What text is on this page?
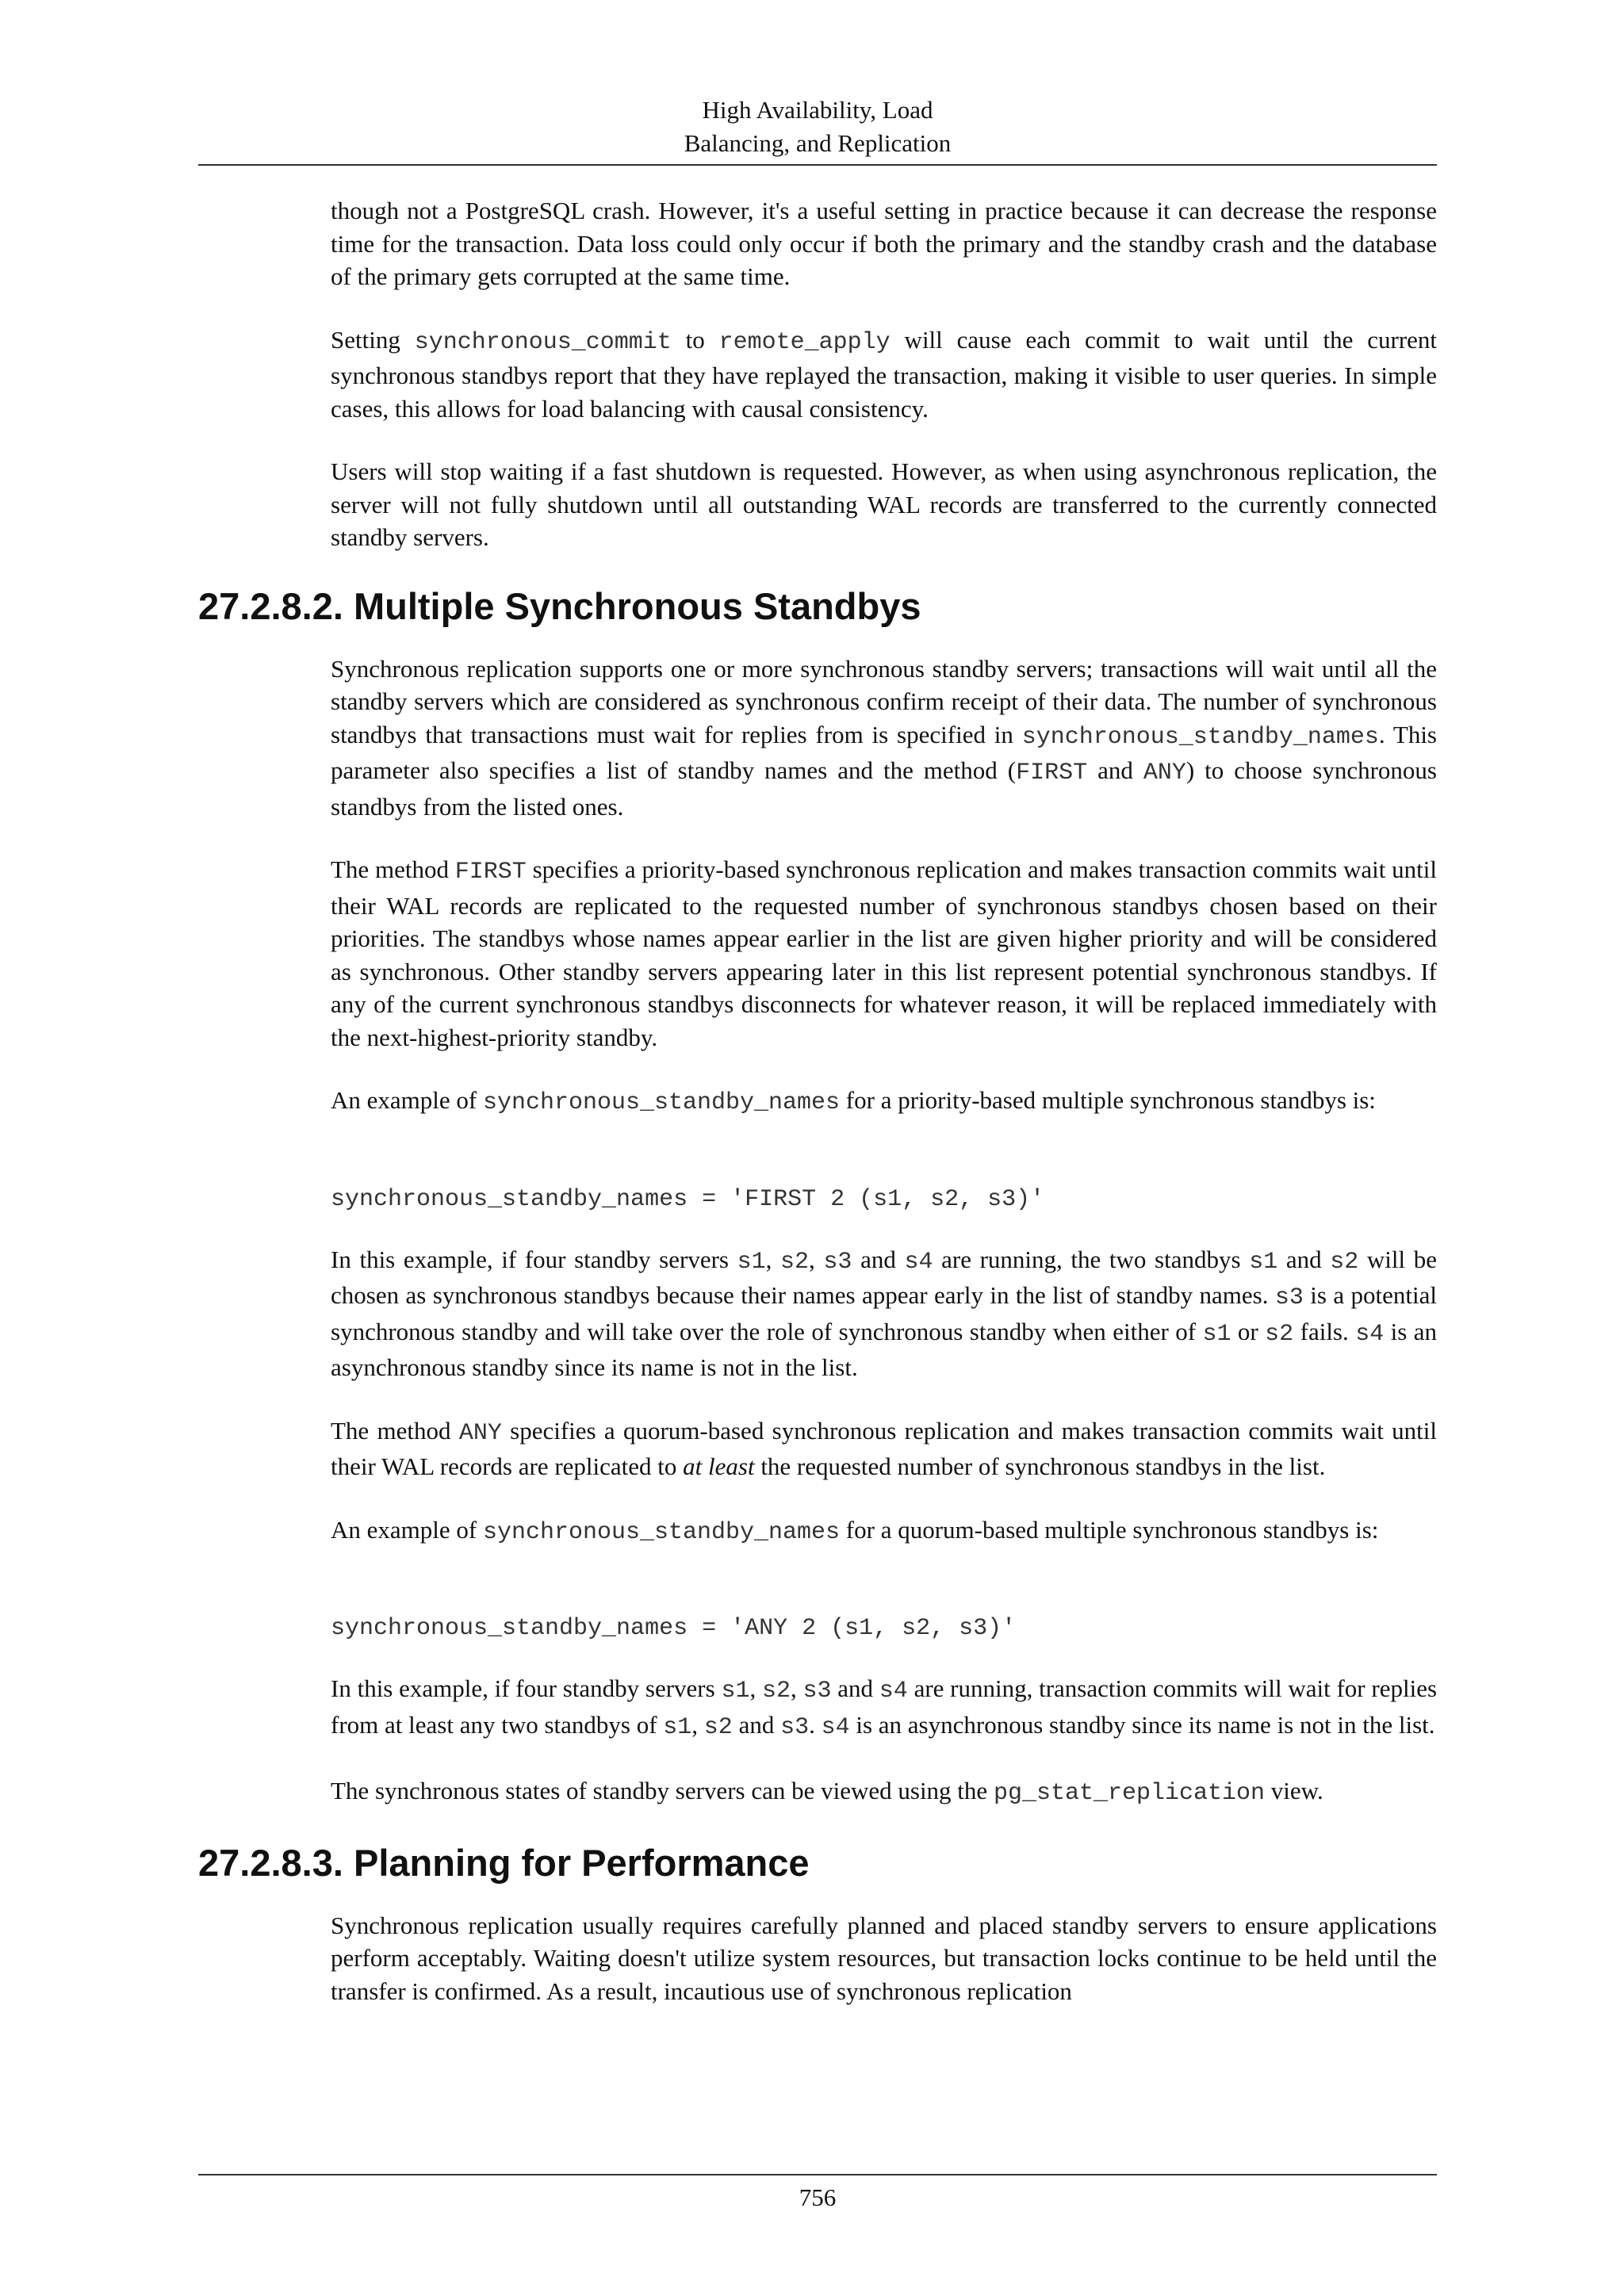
High Availability, Load
Balancing, and Replication

though not a PostgreSQL crash. However, it's a useful setting in practice because it can decrease the response time for the transaction. Data loss could only occur if both the primary and the standby crash and the database of the primary gets corrupted at the same time.

Setting synchronous_commit to remote_apply will cause each commit to wait until the current synchronous standbys report that they have replayed the transaction, making it visible to user queries. In simple cases, this allows for load balancing with causal consistency.

Users will stop waiting if a fast shutdown is requested. However, as when using asynchronous replication, the server will not fully shutdown until all outstanding WAL records are transferred to the currently connected standby servers.

27.2.8.2. Multiple Synchronous Standbys

Synchronous replication supports one or more synchronous standby servers; transactions will wait until all the standby servers which are considered as synchronous confirm receipt of their data. The number of synchronous standbys that transactions must wait for replies from is specified in synchronous_standby_names. This parameter also specifies a list of standby names and the method (FIRST and ANY) to choose synchronous standbys from the listed ones.

The method FIRST specifies a priority-based synchronous replication and makes transaction commits wait until their WAL records are replicated to the requested number of synchronous standbys chosen based on their priorities. The standbys whose names appear earlier in the list are given higher priority and will be considered as synchronous. Other standby servers appearing later in this list represent potential synchronous standbys. If any of the current synchronous standbys disconnects for whatever reason, it will be replaced immediately with the next-highest-priority standby.

An example of synchronous_standby_names for a priority-based multiple synchronous standbys is:

synchronous_standby_names = 'FIRST 2 (s1, s2, s3)'

In this example, if four standby servers s1, s2, s3 and s4 are running, the two standbys s1 and s2 will be chosen as synchronous standbys because their names appear early in the list of standby names. s3 is a potential synchronous standby and will take over the role of synchronous standby when either of s1 or s2 fails. s4 is an asynchronous standby since its name is not in the list.

The method ANY specifies a quorum-based synchronous replication and makes transaction commits wait until their WAL records are replicated to at least the requested number of synchronous standbys in the list.

An example of synchronous_standby_names for a quorum-based multiple synchronous standbys is:

synchronous_standby_names = 'ANY 2 (s1, s2, s3)'

In this example, if four standby servers s1, s2, s3 and s4 are running, transaction commits will wait for replies from at least any two standbys of s1, s2 and s3. s4 is an asynchronous standby since its name is not in the list.

The synchronous states of standby servers can be viewed using the pg_stat_replication view.

27.2.8.3. Planning for Performance

Synchronous replication usually requires carefully planned and placed standby servers to ensure applications perform acceptably. Waiting doesn't utilize system resources, but transaction locks continue to be held until the transfer is confirmed. As a result, incautious use of synchronous replication

756
